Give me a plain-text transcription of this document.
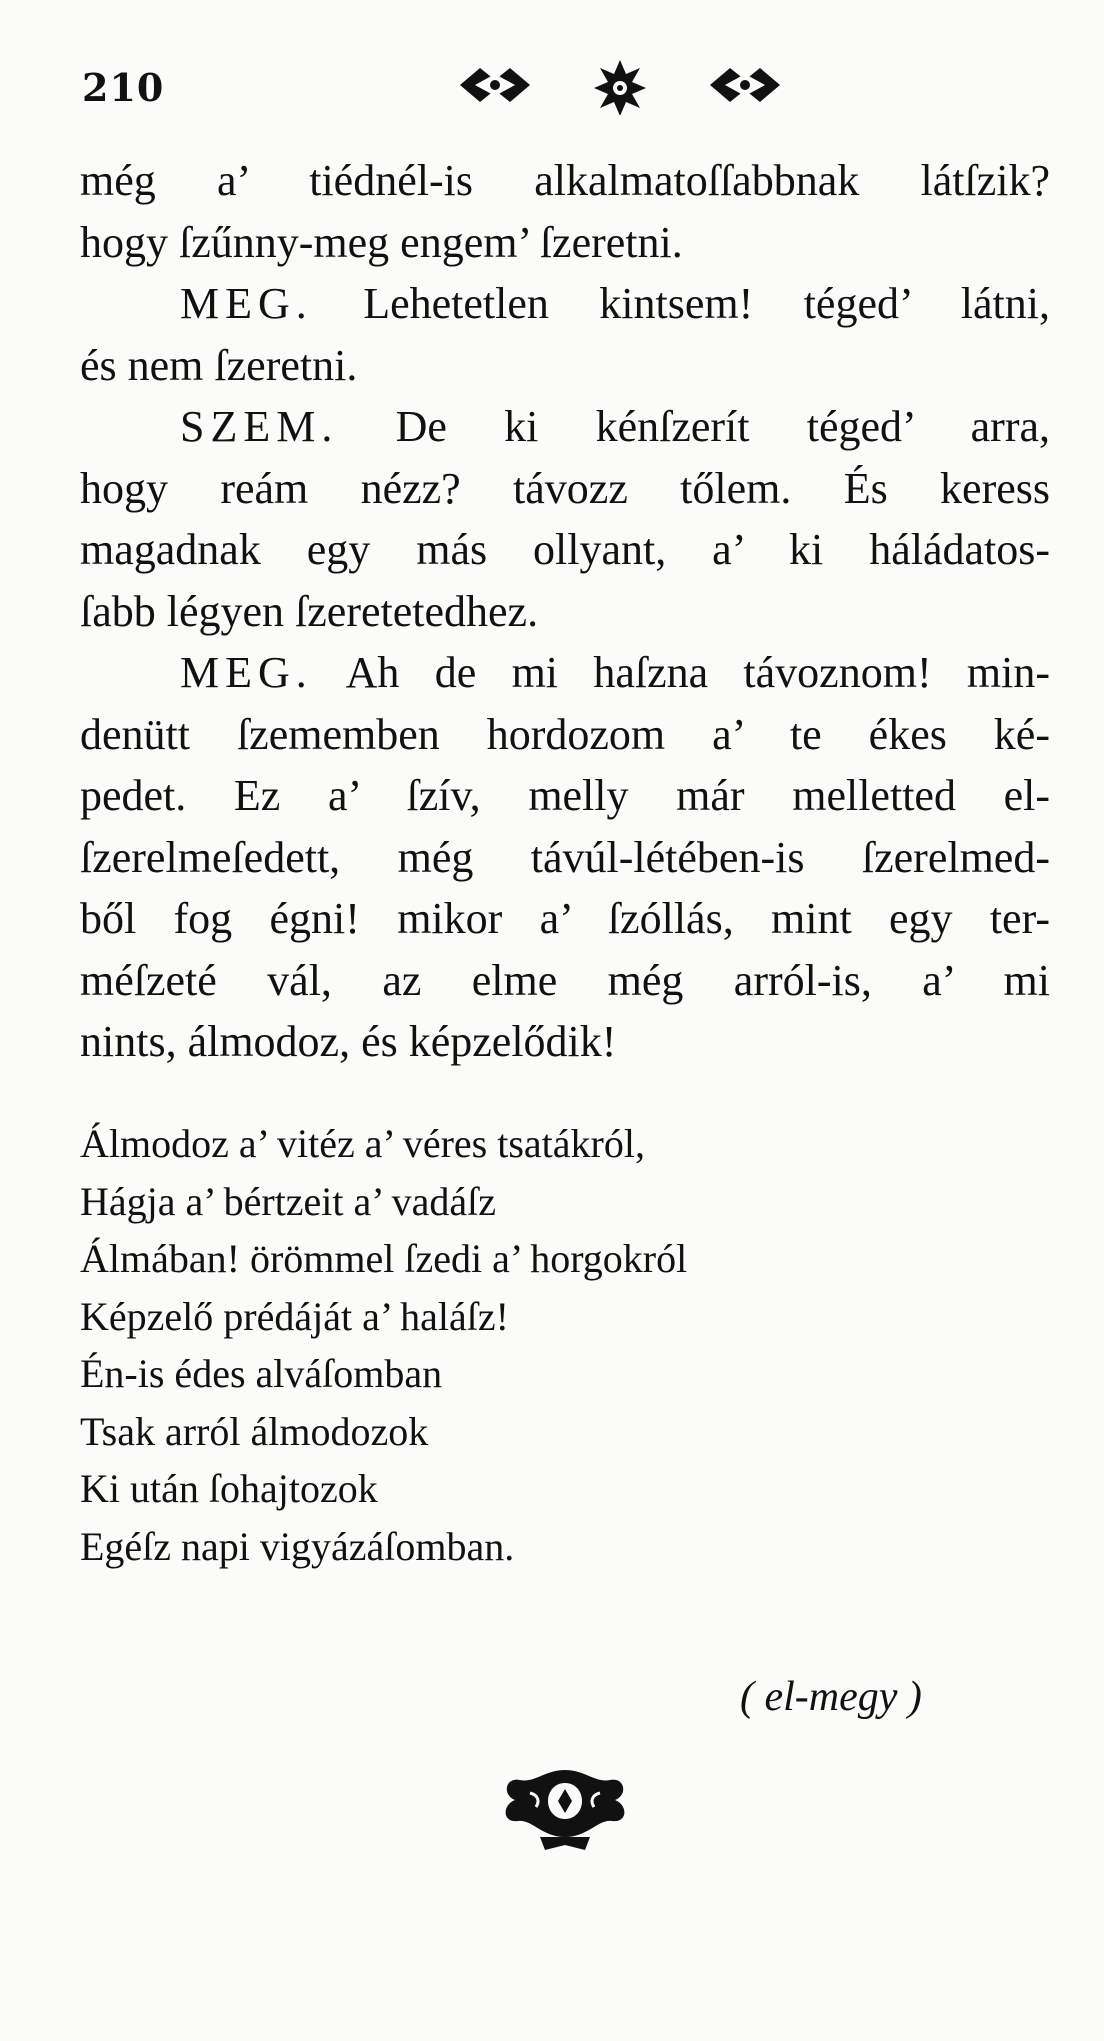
210
még a’ tiédnél-is alkalmatoſſabbnak látſzik?
hogy ſzűnny-meg engem’ ſzeretni.
MEG. Lehetetlen kintsem! téged’ látni,
és nem ſzeretni.
SZEM. De ki kénſzerít téged’ arra,
hogy reám nézz? távozz tőlem. És keress
magadnak egy más ollyant, a’ ki háládatos-
ſabb légyen ſzeretetedhez.
MEG. Ah de mi haſzna távoznom! min-
denütt ſzememben hordozom a’ te ékes ké-
pedet. Ez a’ ſzív, melly már melletted el-
ſzerelmeſedett, még távúl-létében-is ſzerelmed-
ből fog égni! mikor a’ ſzóllás, mint egy ter-
méſzeté vál, az elme még arról-is, a’ mi
nints, álmodoz, és képzelődik!
Álmodoz a’ vitéz a’ véres tsatákról,
Hágja a’ bértzeit a’ vadáſz
Álmában! örömmel ſzedi a’ horgokról
Képzelő prédáját a’ haláſz!
Én-is édes alváſomban
Tsak arról álmodozok
Ki után ſohajtozok
Egéſz napi vigyázáſomban.
( el-megy )
